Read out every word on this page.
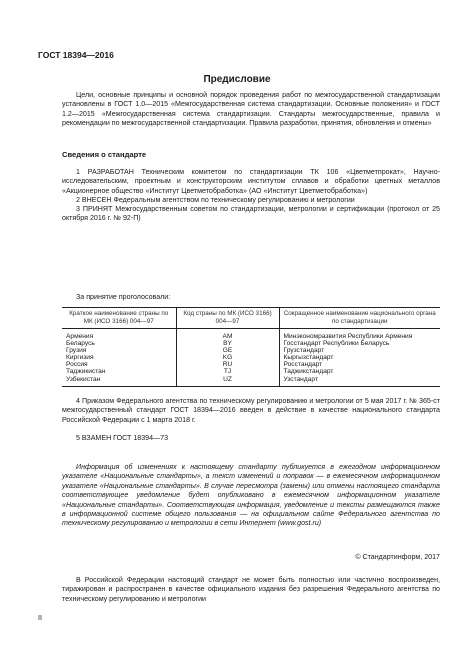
ГОСТ 18394—2016
Предисловие

Цели, основные принципы и основной порядок проведения работ по межгосударственной стандартизации установлены в ГОСТ 1.0—2015 «Межгосударственная система стандартизации. Основные положения» и ГОСТ 1.2—2015 «Межгосударственная система стандартизации. Стандарты межгосударственные, правила и рекомендации по межгосударственной стандартизации. Правила разработки, принятия, обновления и отмены»

Сведения о стандарте

1 РАЗРАБОТАН Техническим комитетом по стандартизации ТК 106 «Цветметпрокат», Научно-исследовательским, проектным и конструкторским институтом сплавов и обработки цветных металлов «Акционерное общество «Институт Цветметобработка» (АО «Институт Цветметобработка»)

2 ВНЕСЕН Федеральным агентством по техническому регулированию и метрологии

3 ПРИНЯТ Межгосударственным советом по стандартизации, метрологии и сертификации (протокол от 25 октября 2016 г. № 92-П)

За принятие проголосовали:
Краткое наименование страны по МК (ИСО 3166) 004—97	Код страны по МК (ИСО 3166) 004—97	Сокращенное наименование национального органа по стандартизации
Армения	AM	Минэкономразвития Республики Армения
Беларусь	BY	Госстандарт Республики Беларусь
Грузия	GE	Грузстандарт
Киргизия	KG	Кыргызстандарт
Россия	RU	Росстандарт
Таджикистан	TJ	Таджикстандарт
Узбекистан	UZ	Узстандарт

4 Приказом Федерального агентства по техническому регулированию и метрологии от 5 мая 2017 г. № 365-ст межгосударственный стандарт ГОСТ 18394—2016 введен в действие в качестве национального стандарта Российской Федерации с 1 марта 2018 г.

5 ВЗАМЕН ГОСТ 18394—73

Информация об изменениях к настоящему стандарту публикуется в ежегодном информационном указателе «Национальные стандарты», а текст изменений и поправок — в ежемесячном информационном указателе «Национальные стандарты». В случае пересмотра (замены) или отмены настоящего стандарта соответствующее уведомление будет опубликовано в ежемесячном информационном указателе «Национальные стандарты». Соответствующая информация, уведомление и тексты размещаются также в информационной системе общего пользования — на официальном сайте Федерального агентства по техническому регулированию и метрологии в сети Интернет (www.gost.ru)

© Стандартинформ, 2017

В Российской Федерации настоящий стандарт не может быть полностью или частично воспроизведен, тиражирован и распространен в качестве официального издания без разрешения Федерального агентства по техническому регулированию и метрологии

II
